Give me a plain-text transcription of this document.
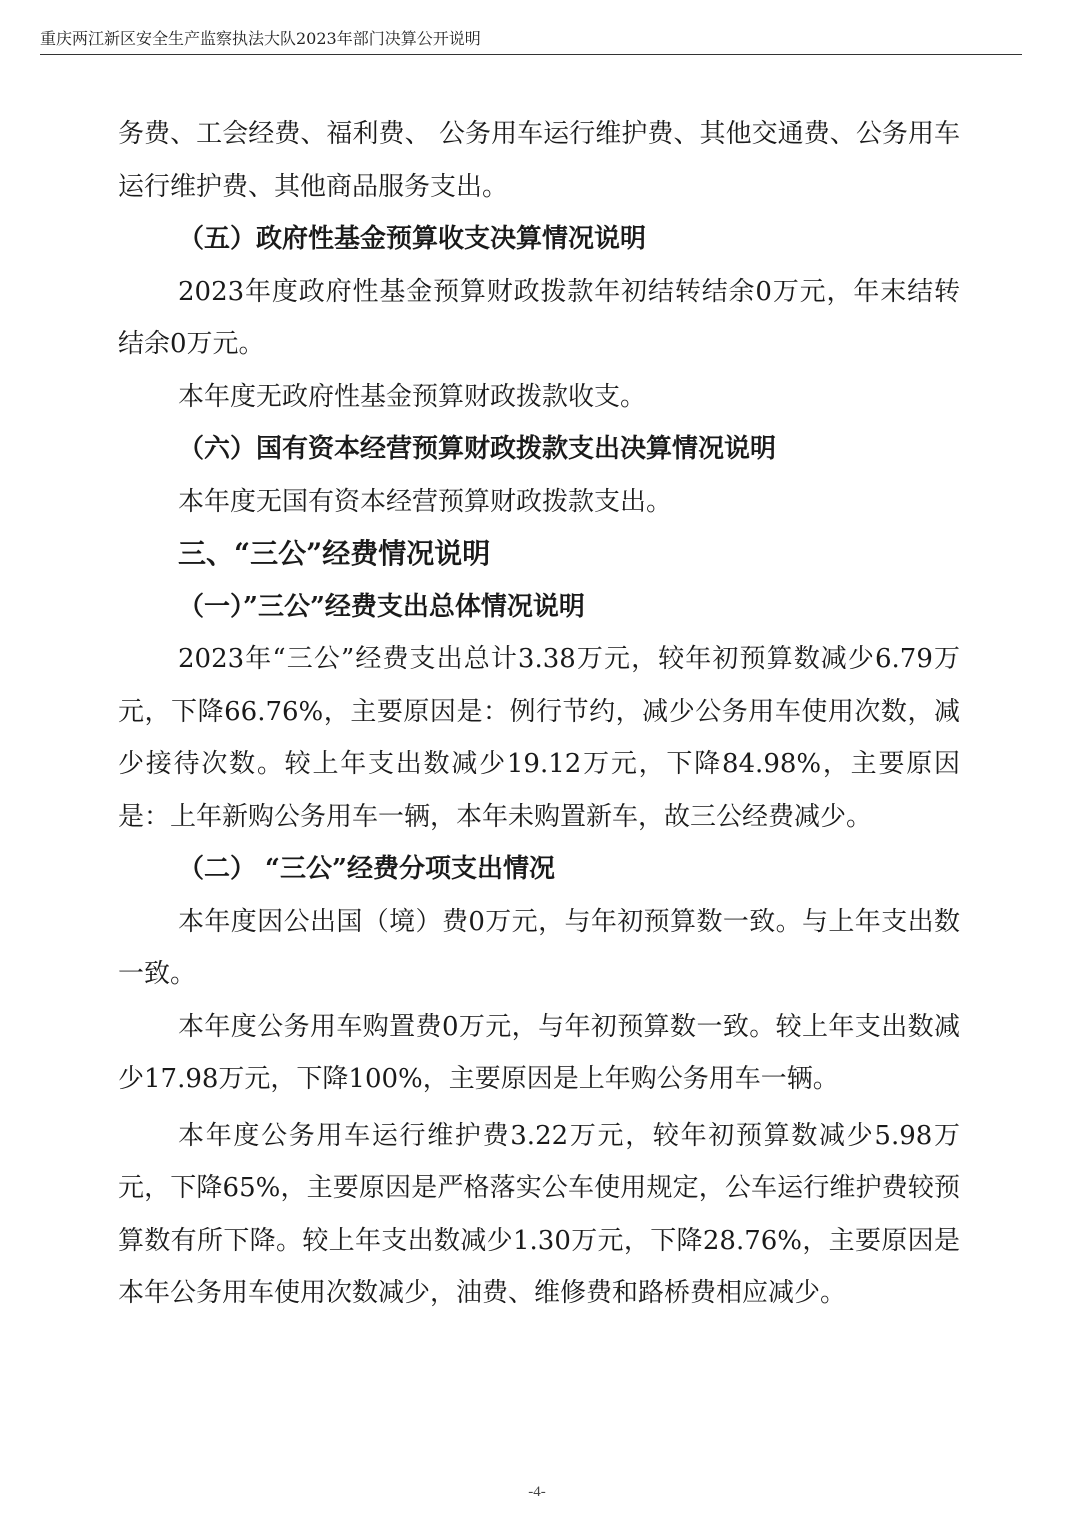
重庆两江新区安全生产监察执法大队2023年部门决算公开说明

务费、工会经费、福利费、 公务用车运行维护费、其他交通费、公务用车运行维护费、其他商品服务支出。

（五）政府性基金预算收支决算情况说明

2023年度政府性基金预算财政拨款年初结转结余0万元，年末结转结余0万元。

本年度无政府性基金预算财政拨款收支。

（六）国有资本经营预算财政拨款支出决算情况说明

本年度无国有资本经营预算财政拨款支出。

三、“三公”经费情况说明

（一）”三公”经费支出总体情况说明

2023年“三公”经费支出总计3.38万元，较年初预算数减少6.79万元，下降66.76%，主要原因是：例行节约，减少公务用车使用次数，减少接待次数。较上年支出数减少19.12万元，下降84.98%，主要原因是：上年新购公务用车一辆，本年未购置新车，故三公经费减少。

（二） “三公”经费分项支出情况

本年度因公出国（境）费0万元，与年初预算数一致。与上年支出数一致。

本年度公务用车购置费0万元，与年初预算数一致。较上年支出数减少17.98万元，下降100%，主要原因是上年购公务用车一辆。

本年度公务用车运行维护费3.22万元，较年初预算数减少5.98万元，下降65%，主要原因是严格落实公车使用规定，公车运行维护费较预算数有所下降。较上年支出数减少1.30万元，下降28.76%，主要原因是本年公务用车使用次数减少，油费、维修费和路桥费相应减少。

-4-
